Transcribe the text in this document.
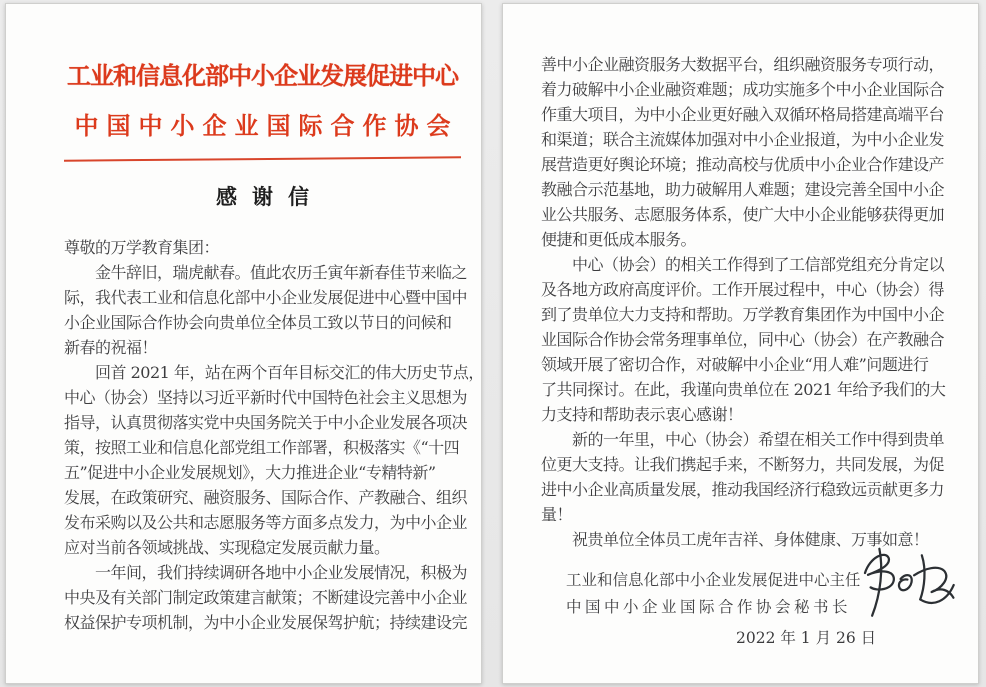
工业和信息化部中小企业发展促进中心
中国中小企业国际合作协会
感谢信
尊敬的万学教育集团：
　　金牛辞旧，瑞虎献春。值此农历壬寅年新春佳节来临之
际，我代表工业和信息化部中小企业发展促进中心暨中国中
小企业国际合作协会向贵单位全体员工致以节日的问候和
新春的祝福！
　　回首 2021 年，站在两个百年目标交汇的伟大历史节点，
中心（协会）坚持以习近平新时代中国特色社会主义思想为
指导，认真贯彻落实党中央国务院关于中小企业发展各项决
策，按照工业和信息化部党组工作部署，积极落实《“十四
五”促进中小企业发展规划》，大力推进企业“专精特新”
发展，在政策研究、融资服务、国际合作、产教融合、组织
发布采购以及公共和志愿服务等方面多点发力，为中小企业
应对当前各领域挑战、实现稳定发展贡献力量。
　　一年间，我们持续调研各地中小企业发展情况，积极为
中央及有关部门制定政策建言献策；不断建设完善中小企业
权益保护专项机制，为中小企业发展保驾护航；持续建设完
善中小企业融资服务大数据平台，组织融资服务专项行动，
着力破解中小企业融资难题；成功实施多个中小企业国际合
作重大项目，为中小企业更好融入双循环格局搭建高端平台
和渠道；联合主流媒体加强对中小企业报道，为中小企业发
展营造更好舆论环境；推动高校与优质中小企业合作建设产
教融合示范基地，助力破解用人难题；建设完善全国中小企
业公共服务、志愿服务体系，使广大中小企业能够获得更加
便捷和更低成本服务。
　　中心（协会）的相关工作得到了工信部党组充分肯定以
及各地方政府高度评价。工作开展过程中，中心（协会）得
到了贵单位大力支持和帮助。万学教育集团作为中国中小企
业国际合作协会常务理事单位，同中心（协会）在产教融合
领域开展了密切合作，对破解中小企业“用人难”问题进行
了共同探讨。在此，我谨向贵单位在 2021 年给予我们的大
力支持和帮助表示衷心感谢！
　　新的一年里，中心（协会）希望在相关工作中得到贵单
位更大支持。让我们携起手来，不断努力，共同发展，为促
进中小企业高质量发展，推动我国经济行稳致远贡献更多力
量！
　　祝贵单位全体员工虎年吉祥、身体健康、万事如意！
工业和信息化部中小企业发展促进中心主任
中国中小企业国际合作协会秘书长
2022 年 1 月 26 日
